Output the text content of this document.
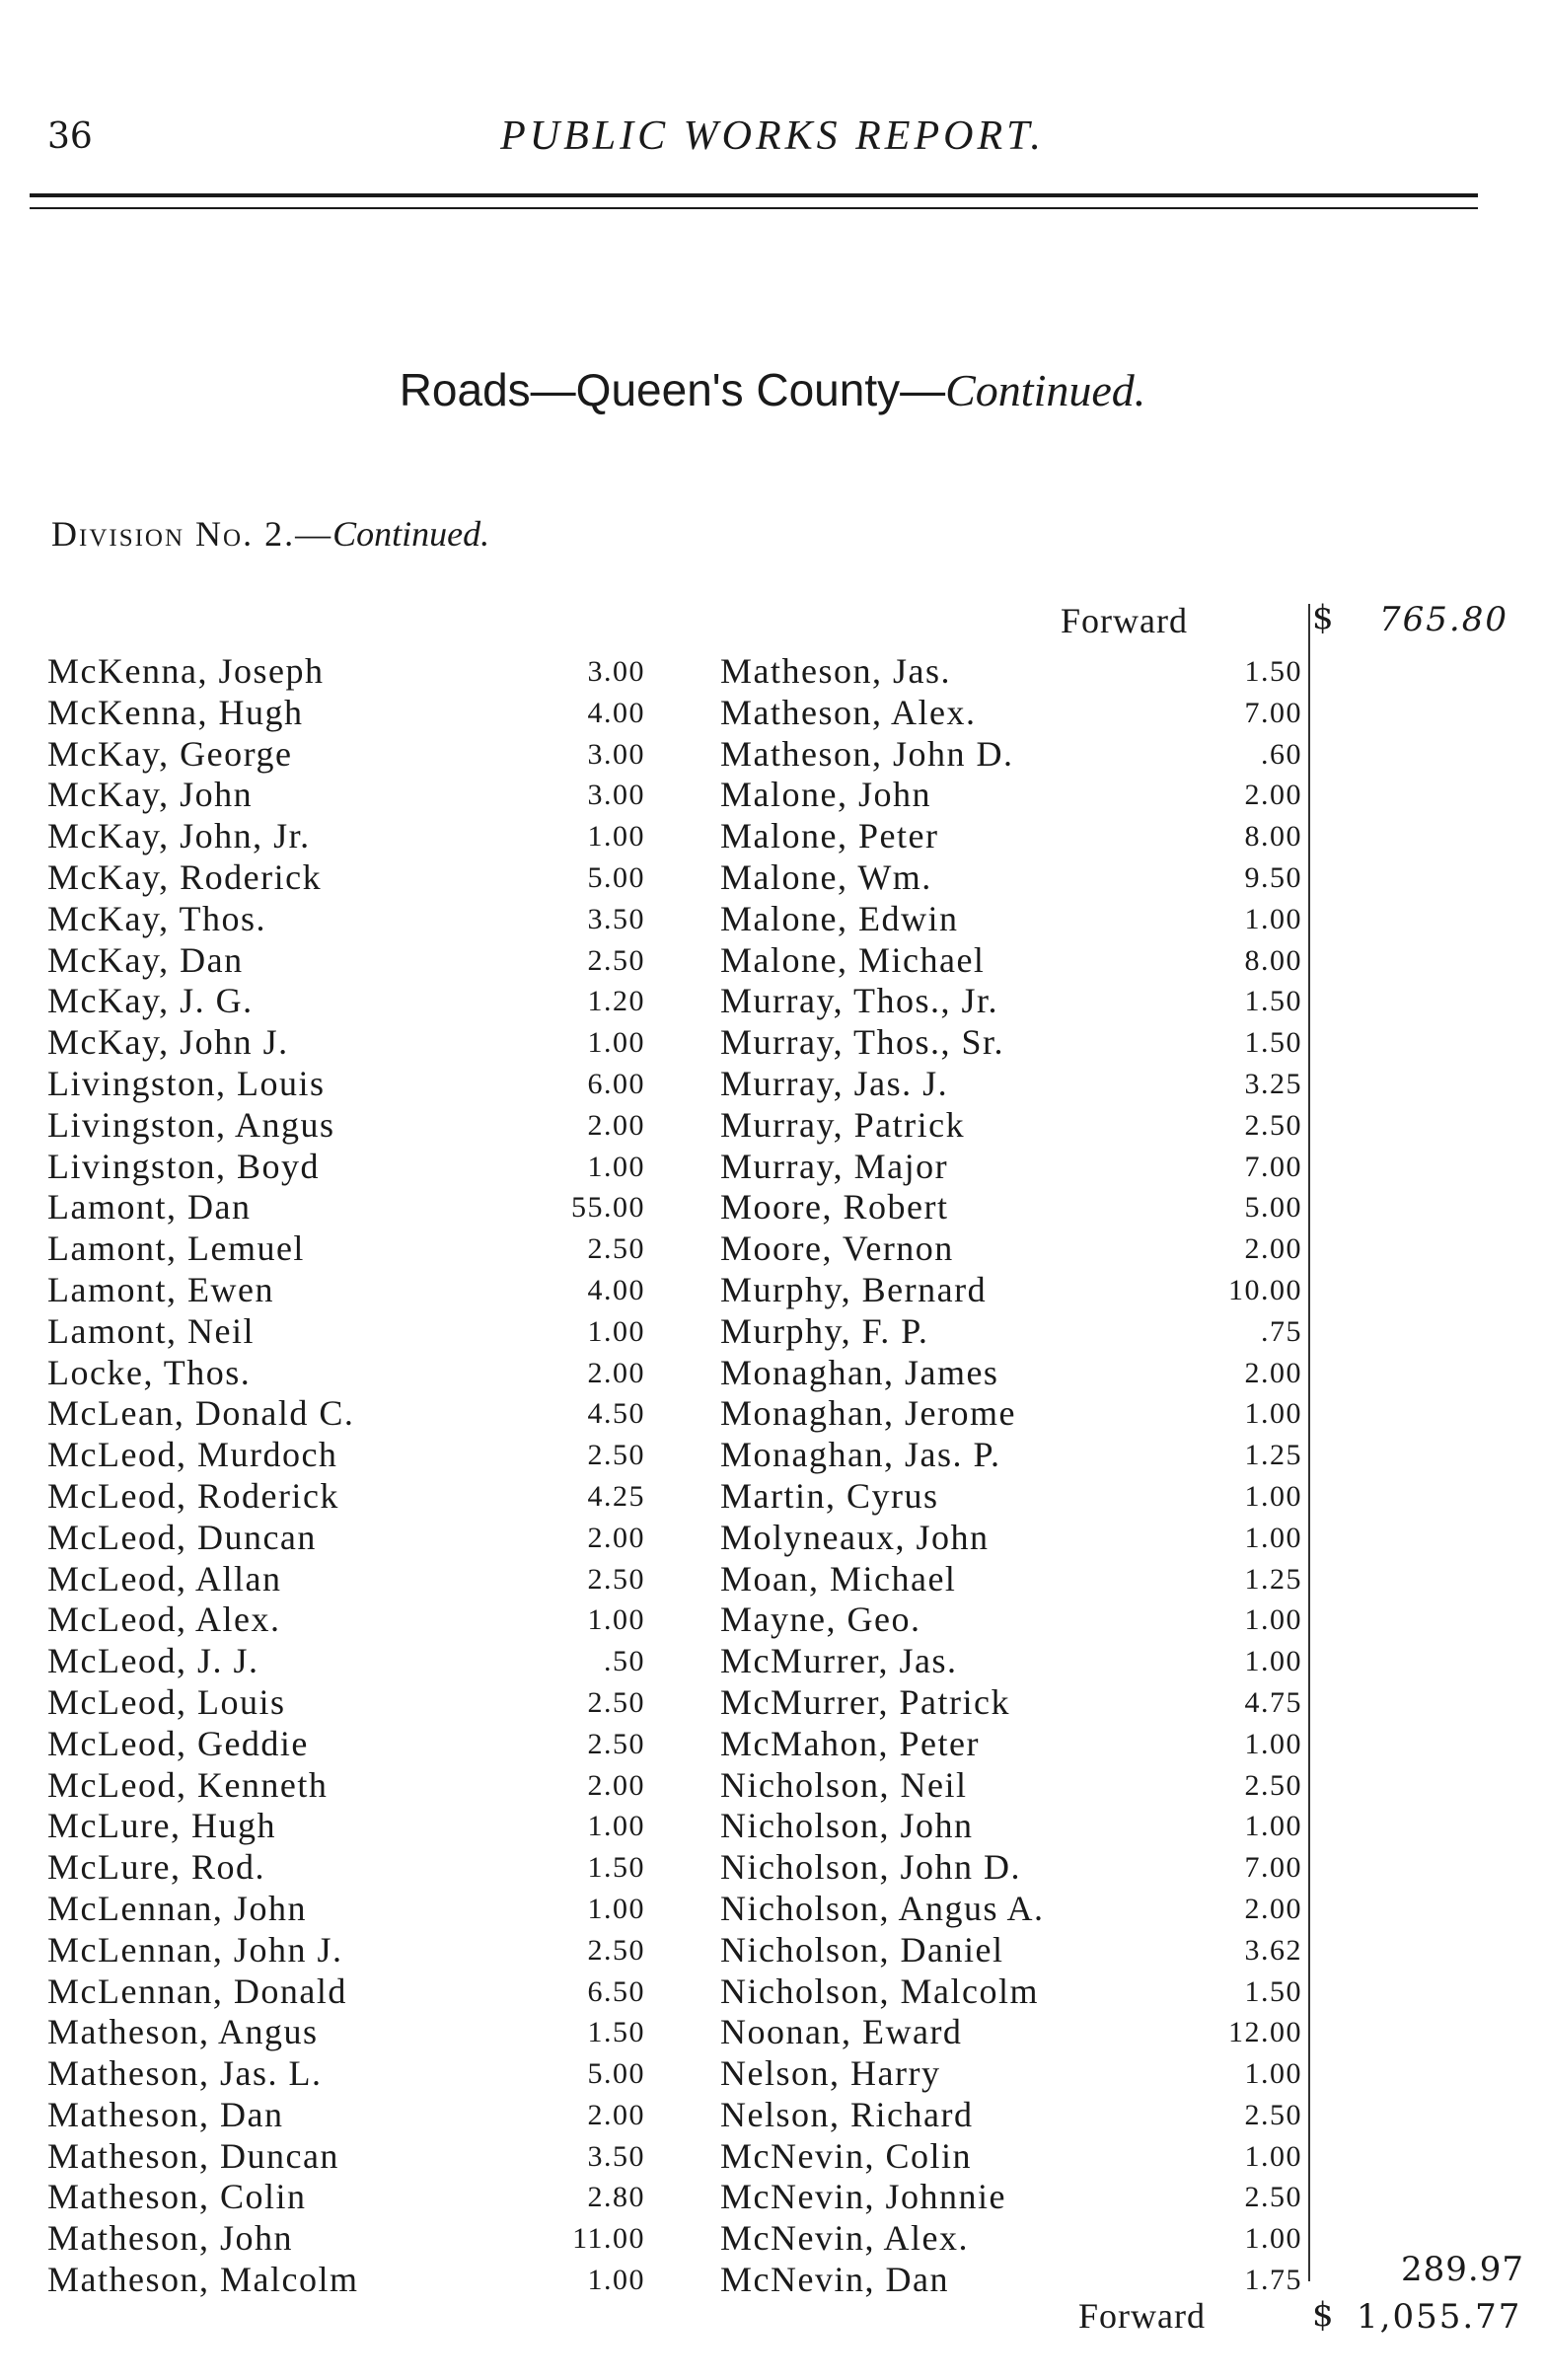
36	PUBLIC WORKS REPORT.
Roads—Queen's County—Continued.
Division No. 2.—Continued.
Forward	$ 765.80
McKenna, Joseph	3.00
McKenna, Hugh	4.00
McKay, George	3.00
McKay, John	3.00
McKay, John, Jr.	1.00
McKay, Roderick	5.00
McKay, Thos.	3.50
McKay, Dan	2.50
McKay, J. G.	1.20
McKay, John J.	1.00
Livingston, Louis	6.00
Livingston, Angus	2.00
Livingston, Boyd	1.00
Lamont, Dan	55.00
Lamont, Lemuel	2.50
Lamont, Ewen	4.00
Lamont, Neil	1.00
Locke, Thos.	2.00
McLean, Donald C.	4.50
McLeod, Murdoch	2.50
McLeod, Roderick	4.25
McLeod, Duncan	2.00
McLeod, Allan	2.50
McLeod, Alex.	1.00
McLeod, J. J.	.50
McLeod, Louis	2.50
McLeod, Geddie	2.50
McLeod, Kenneth	2.00
McLure, Hugh	1.00
McLure, Rod.	1.50
McLennan, John	1.00
McLennan, John J.	2.50
McLennan, Donald	6.50
Matheson, Angus	1.50
Matheson, Jas. L.	5.00
Matheson, Dan	2.00
Matheson, Duncan	3.50
Matheson, Colin	2.80
Matheson, John	11.00
Matheson, Malcolm	1.00
Matheson, Jas.	1.50
Matheson, Alex.	7.00
Matheson, John D.	.60
Malone, John	2.00
Malone, Peter	8.00
Malone, Wm.	9.50
Malone, Edwin	1.00
Malone, Michael	8.00
Murray, Thos., Jr.	1.50
Murray, Thos., Sr.	1.50
Murray, Jas. J.	3.25
Murray, Patrick	2.50
Murray, Major	7.00
Moore, Robert	5.00
Moore, Vernon	2.00
Murphy, Bernard	10.00
Murphy, F. P.	.75
Monaghan, James	2.00
Monaghan, Jerome	1.00
Monaghan, Jas. P.	1.25
Martin, Cyrus	1.00
Molyneaux, John	1.00
Moan, Michael	1.25
Mayne, Geo.	1.00
McMurrer, Jas.	1.00
McMurrer, Patrick	4.75
McMahon, Peter	1.00
Nicholson, Neil	2.50
Nicholson, John	1.00
Nicholson, John D.	7.00
Nicholson, Angus A.	2.00
Nicholson, Daniel	3.62
Nicholson, Malcolm	1.50
Noonan, Eward	12.00
Nelson, Harry	1.00
Nelson, Richard	2.50
McNevin, Colin	1.00
McNevin, Johnnie	2.50
McNevin, Alex.	1.00
McNevin, Dan	1.75	289.97
Forward	$ 1,055.77
